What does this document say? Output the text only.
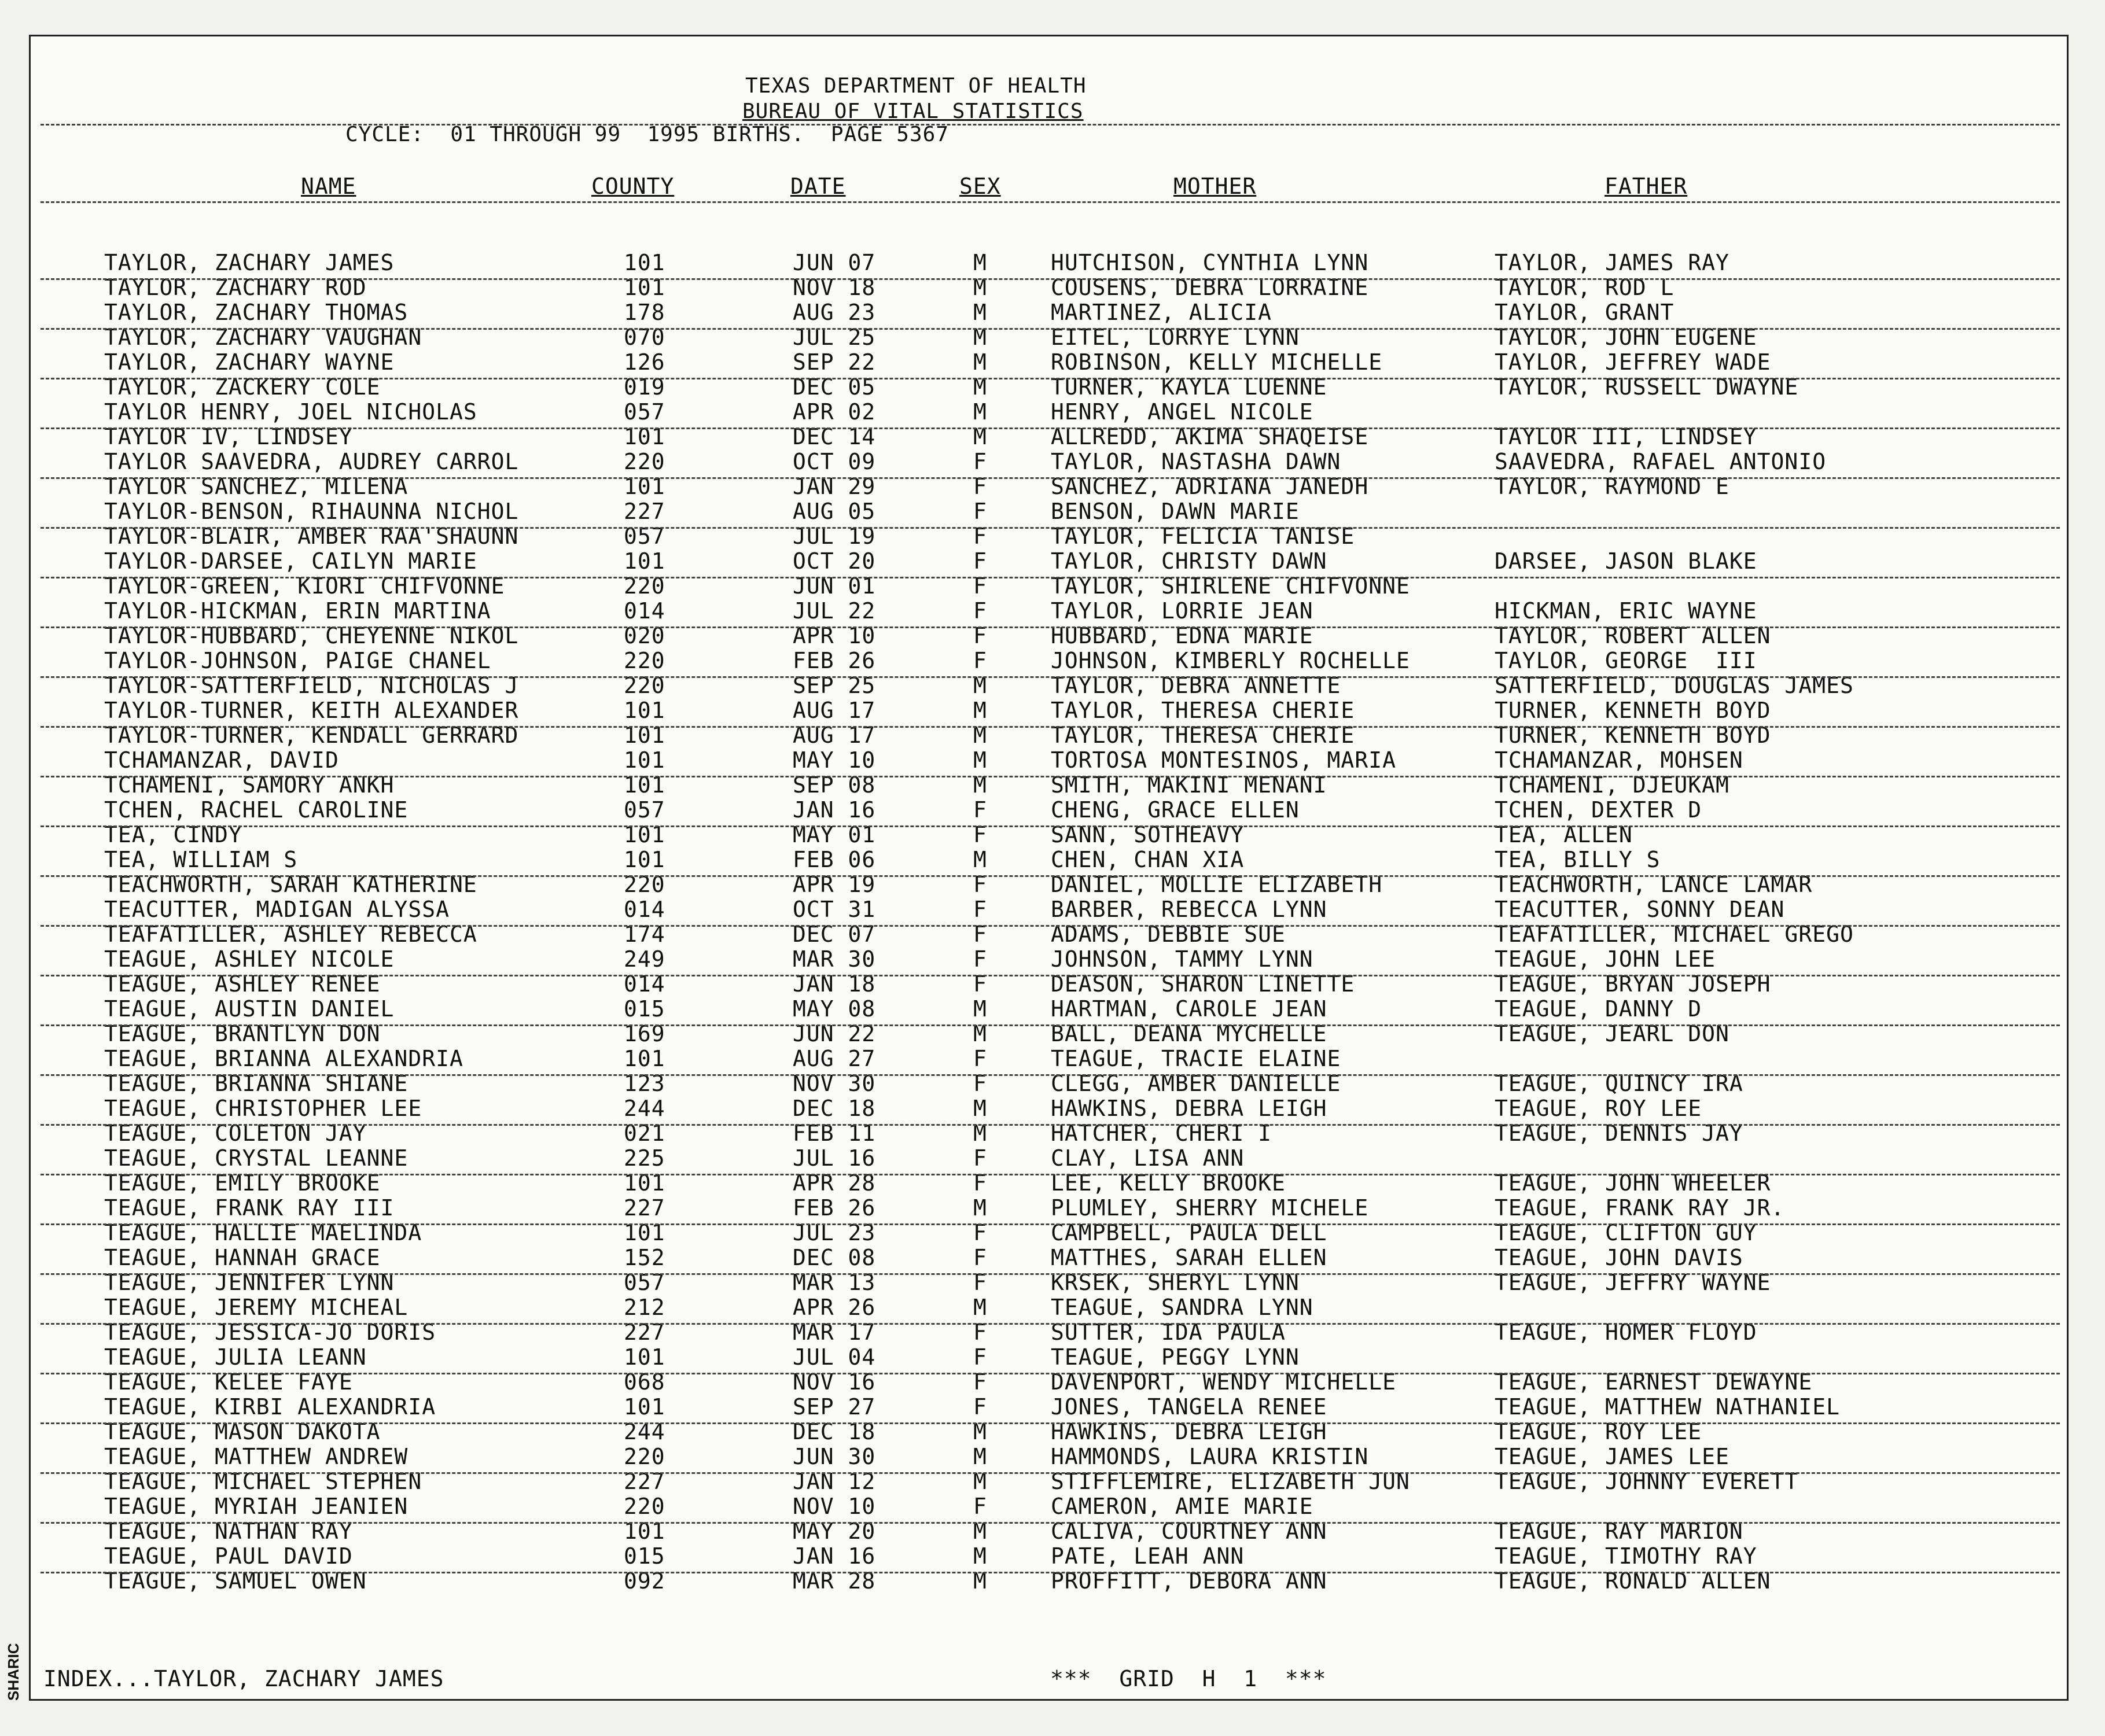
SHARIC
TEXAS DEPARTMENT OF HEALTH
BUREAU OF VITAL STATISTICS
CYCLE:  01 THROUGH 99  1995 BIRTHS.  PAGE 5367
NAME	COUNTY	DATE	SEX	MOTHER	FATHER
TAYLOR, ZACHARY JAMES	101	JUN 07	M	HUTCHISON, CYNTHIA LYNN	TAYLOR, JAMES RAY
TAYLOR, ZACHARY ROD	101	NOV 18	M	COUSENS, DEBRA LORRAINE	TAYLOR, ROD L
TAYLOR, ZACHARY THOMAS	178	AUG 23	M	MARTINEZ, ALICIA	TAYLOR, GRANT
TAYLOR, ZACHARY VAUGHAN	070	JUL 25	M	EITEL, LORRYE LYNN	TAYLOR, JOHN EUGENE
TAYLOR, ZACHARY WAYNE	126	SEP 22	M	ROBINSON, KELLY MICHELLE	TAYLOR, JEFFREY WADE
TAYLOR, ZACKERY COLE	019	DEC 05	M	TURNER, KAYLA LUENNE	TAYLOR, RUSSELL DWAYNE
TAYLOR HENRY, JOEL NICHOLAS	057	APR 02	M	HENRY, ANGEL NICOLE
TAYLOR IV, LINDSEY	101	DEC 14	M	ALLREDD, AKIMA SHAQEISE	TAYLOR III, LINDSEY
TAYLOR SAAVEDRA, AUDREY CARROL	220	OCT 09	F	TAYLOR, NASTASHA DAWN	SAAVEDRA, RAFAEL ANTONIO
TAYLOR SANCHEZ, MILENA	101	JAN 29	F	SANCHEZ, ADRIANA JANEDH	TAYLOR, RAYMOND E
TAYLOR-BENSON, RIHAUNNA NICHOL	227	AUG 05	F	BENSON, DAWN MARIE
TAYLOR-BLAIR, AMBER RAA'SHAUNN	057	JUL 19	F	TAYLOR, FELICIA TANISE
TAYLOR-DARSEE, CAILYN MARIE	101	OCT 20	F	TAYLOR, CHRISTY DAWN	DARSEE, JASON BLAKE
TAYLOR-GREEN, KIORI CHIFVONNE	220	JUN 01	F	TAYLOR, SHIRLENE CHIFVONNE
TAYLOR-HICKMAN, ERIN MARTINA	014	JUL 22	F	TAYLOR, LORRIE JEAN	HICKMAN, ERIC WAYNE
TAYLOR-HUBBARD, CHEYENNE NIKOL	020	APR 10	F	HUBBARD, EDNA MARIE	TAYLOR, ROBERT ALLEN
TAYLOR-JOHNSON, PAIGE CHANEL	220	FEB 26	F	JOHNSON, KIMBERLY ROCHELLE	TAYLOR, GEORGE  III
TAYLOR-SATTERFIELD, NICHOLAS J	220	SEP 25	M	TAYLOR, DEBRA ANNETTE	SATTERFIELD, DOUGLAS JAMES
TAYLOR-TURNER, KEITH ALEXANDER	101	AUG 17	M	TAYLOR, THERESA CHERIE	TURNER, KENNETH BOYD
TAYLOR-TURNER, KENDALL GERRARD	101	AUG 17	M	TAYLOR, THERESA CHERIE	TURNER, KENNETH BOYD
TCHAMANZAR, DAVID	101	MAY 10	M	TORTOSA MONTESINOS, MARIA	TCHAMANZAR, MOHSEN
TCHAMENI, SAMORY ANKH	101	SEP 08	M	SMITH, MAKINI MENANI	TCHAMENI, DJEUKAM
TCHEN, RACHEL CAROLINE	057	JAN 16	F	CHENG, GRACE ELLEN	TCHEN, DEXTER D
TEA, CINDY	101	MAY 01	F	SANN, SOTHEAVY	TEA, ALLEN
TEA, WILLIAM S	101	FEB 06	M	CHEN, CHAN XIA	TEA, BILLY S
TEACHWORTH, SARAH KATHERINE	220	APR 19	F	DANIEL, MOLLIE ELIZABETH	TEACHWORTH, LANCE LAMAR
TEACUTTER, MADIGAN ALYSSA	014	OCT 31	F	BARBER, REBECCA LYNN	TEACUTTER, SONNY DEAN
TEAFATILLER, ASHLEY REBECCA	174	DEC 07	F	ADAMS, DEBBIE SUE	TEAFATILLER, MICHAEL GREGO
TEAGUE, ASHLEY NICOLE	249	MAR 30	F	JOHNSON, TAMMY LYNN	TEAGUE, JOHN LEE
TEAGUE, ASHLEY RENEE	014	JAN 18	F	DEASON, SHARON LINETTE	TEAGUE, BRYAN JOSEPH
TEAGUE, AUSTIN DANIEL	015	MAY 08	M	HARTMAN, CAROLE JEAN	TEAGUE, DANNY D
TEAGUE, BRANTLYN DON	169	JUN 22	M	BALL, DEANA MYCHELLE	TEAGUE, JEARL DON
TEAGUE, BRIANNA ALEXANDRIA	101	AUG 27	F	TEAGUE, TRACIE ELAINE
TEAGUE, BRIANNA SHIANE	123	NOV 30	F	CLEGG, AMBER DANIELLE	TEAGUE, QUINCY IRA
TEAGUE, CHRISTOPHER LEE	244	DEC 18	M	HAWKINS, DEBRA LEIGH	TEAGUE, ROY LEE
TEAGUE, COLETON JAY	021	FEB 11	M	HATCHER, CHERI I	TEAGUE, DENNIS JAY
TEAGUE, CRYSTAL LEANNE	225	JUL 16	F	CLAY, LISA ANN
TEAGUE, EMILY BROOKE	101	APR 28	F	LEE, KELLY BROOKE	TEAGUE, JOHN WHEELER
TEAGUE, FRANK RAY III	227	FEB 26	M	PLUMLEY, SHERRY MICHELE	TEAGUE, FRANK RAY JR.
TEAGUE, HALLIE MAELINDA	101	JUL 23	F	CAMPBELL, PAULA DELL	TEAGUE, CLIFTON GUY
TEAGUE, HANNAH GRACE	152	DEC 08	F	MATTHES, SARAH ELLEN	TEAGUE, JOHN DAVIS
TEAGUE, JENNIFER LYNN	057	MAR 13	F	KRSEK, SHERYL LYNN	TEAGUE, JEFFRY WAYNE
TEAGUE, JEREMY MICHEAL	212	APR 26	M	TEAGUE, SANDRA LYNN
TEAGUE, JESSICA-JO DORIS	227	MAR 17	F	SUTTER, IDA PAULA	TEAGUE, HOMER FLOYD
TEAGUE, JULIA LEANN	101	JUL 04	F	TEAGUE, PEGGY LYNN
TEAGUE, KELEE FAYE	068	NOV 16	F	DAVENPORT, WENDY MICHELLE	TEAGUE, EARNEST DEWAYNE
TEAGUE, KIRBI ALEXANDRIA	101	SEP 27	F	JONES, TANGELA RENEE	TEAGUE, MATTHEW NATHANIEL
TEAGUE, MASON DAKOTA	244	DEC 18	M	HAWKINS, DEBRA LEIGH	TEAGUE, ROY LEE
TEAGUE, MATTHEW ANDREW	220	JUN 30	M	HAMMONDS, LAURA KRISTIN	TEAGUE, JAMES LEE
TEAGUE, MICHAEL STEPHEN	227	JAN 12	M	STIFFLEMIRE, ELIZABETH JUN	TEAGUE, JOHNNY EVERETT
TEAGUE, MYRIAH JEANIEN	220	NOV 10	F	CAMERON, AMIE MARIE
TEAGUE, NATHAN RAY	101	MAY 20	M	CALIVA, COURTNEY ANN	TEAGUE, RAY MARION
TEAGUE, PAUL DAVID	015	JAN 16	M	PATE, LEAH ANN	TEAGUE, TIMOTHY RAY
TEAGUE, SAMUEL OWEN	092	MAR 28	M	PROFFITT, DEBORA ANN	TEAGUE, RONALD ALLEN
INDEX...TAYLOR, ZACHARY JAMES	***  GRID  H  1  ***
